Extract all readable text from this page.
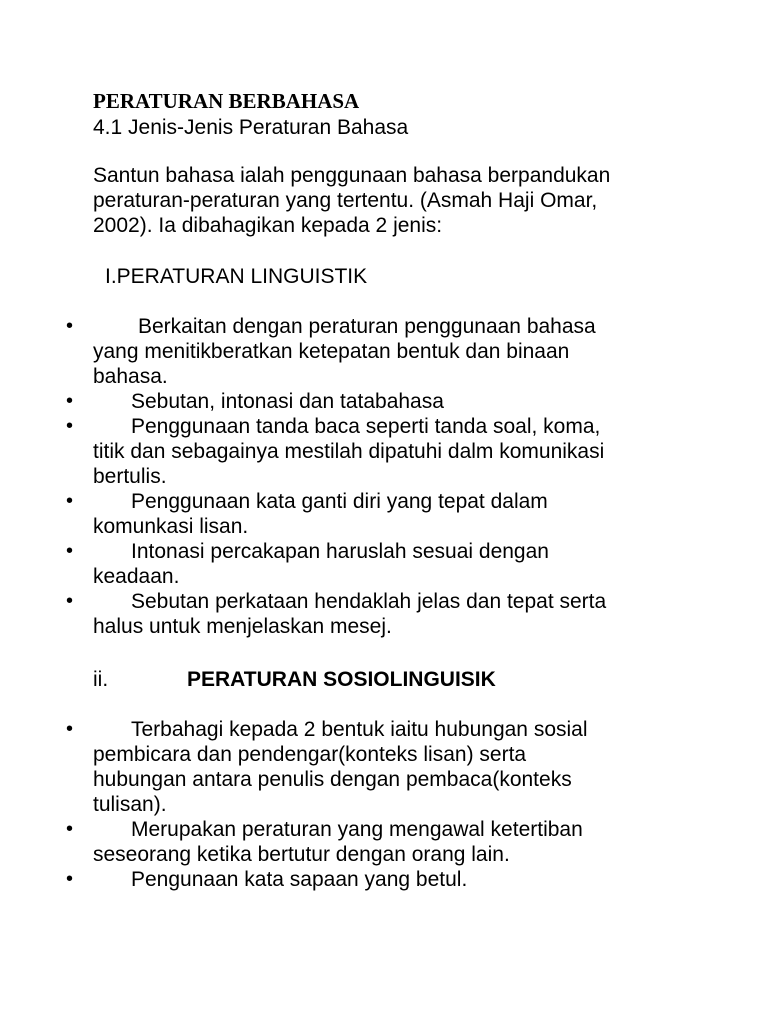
PERATURAN BERBAHASA
4.1 Jenis-Jenis Peraturan Bahasa
Santun bahasa ialah penggunaan bahasa berpandukan
peraturan-peraturan yang tertentu. (Asmah Haji Omar,
2002). Ia dibahagikan kepada 2 jenis:
I.PERATURAN LINGUISTIK
•	Berkaitan dengan peraturan penggunaan bahasa
yang menitikberatkan ketepatan bentuk dan binaan
bahasa.
•	Sebutan, intonasi dan tatabahasa
•	Penggunaan tanda baca seperti tanda soal, koma,
titik dan sebagainya mestilah dipatuhi dalm komunikasi
bertulis.
•	Penggunaan kata ganti diri yang tepat dalam
komunkasi lisan.
•	Intonasi percakapan haruslah sesuai dengan
keadaan.
•	Sebutan perkataan hendaklah jelas dan tepat serta
halus untuk menjelaskan mesej.
ii.	PERATURAN SOSIOLINGUISIK
•	Terbahagi kepada 2 bentuk iaitu hubungan sosial
pembicara dan pendengar(konteks lisan) serta
hubungan antara penulis dengan pembaca(konteks
tulisan).
•	Merupakan peraturan yang mengawal ketertiban
seseorang ketika bertutur dengan orang lain.
•	Pengunaan kata sapaan yang betul.
